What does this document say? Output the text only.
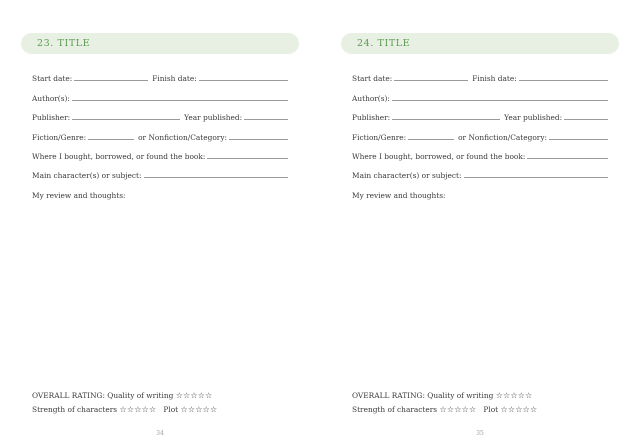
23. TITLE
Start date:	Finish date:
Author(s):
Publisher:	Year published:
Fiction/Genre:	or Nonfiction/Category:
Where I bought, borrowed, or found the book:
Main character(s) or subject:
My review and thoughts:
OVERALL RATING: Quality of writing ☆☆☆☆☆
Strength of characters ☆☆☆☆☆ Plot ☆☆☆☆☆
34
24. TITLE
Start date:	Finish date:
Author(s):
Publisher:	Year published:
Fiction/Genre:	or Nonfiction/Category:
Where I bought, borrowed, or found the book:
Main character(s) or subject:
My review and thoughts:
OVERALL RATING: Quality of writing ☆☆☆☆☆
Strength of characters ☆☆☆☆☆ Plot ☆☆☆☆☆
35
